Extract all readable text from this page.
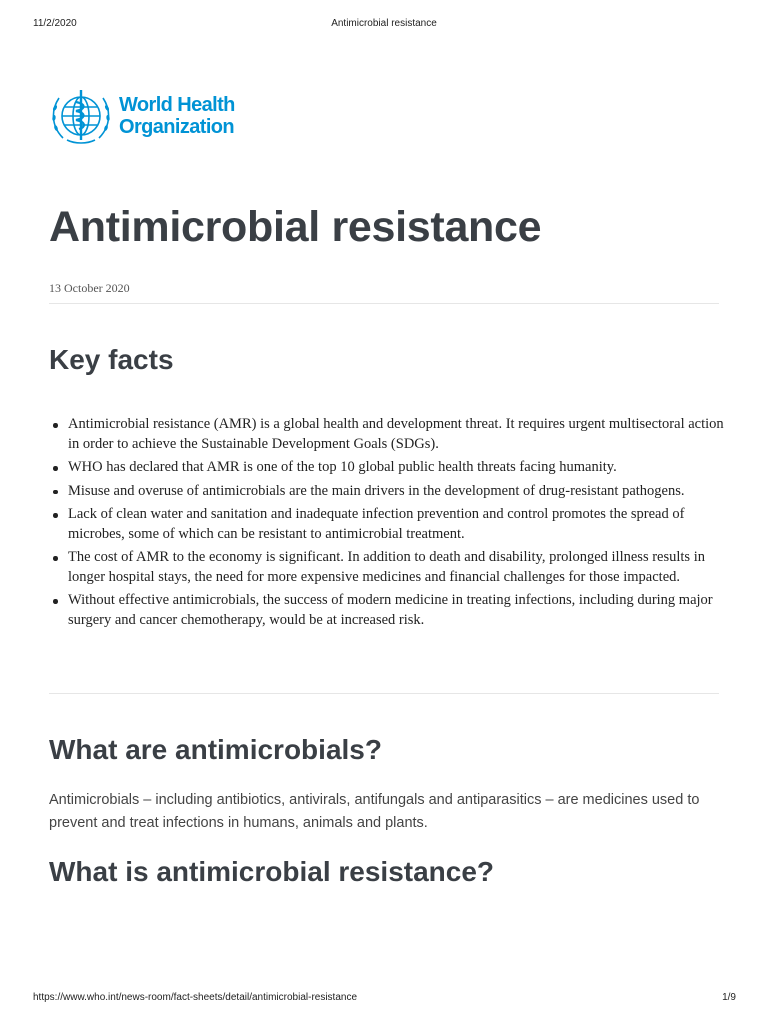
11/2/2020	Antimicrobial resistance
World Health
Organization
Antimicrobial resistance
13 October 2020
Key facts
Antimicrobial resistance (AMR) is a global health and development threat. It requires urgent multisectoral action in order to achieve the Sustainable Development Goals (SDGs).
WHO has declared that AMR is one of the top 10 global public health threats facing humanity.
Misuse and overuse of antimicrobials are the main drivers in the development of drug-resistant pathogens.
Lack of clean water and sanitation and inadequate infection prevention and control promotes the spread of microbes, some of which can be resistant to antimicrobial treatment.
The cost of AMR to the economy is significant. In addition to death and disability, prolonged illness results in longer hospital stays, the need for more expensive medicines and financial challenges for those impacted.
Without effective antimicrobials, the success of modern medicine in treating infections, including during major surgery and cancer chemotherapy, would be at increased risk.
What are antimicrobials?

Antimicrobials – including antibiotics, antivirals, antifungals and antiparasitics – are medicines used to prevent and treat infections in humans, animals and plants.

What is antimicrobial resistance?
https://www.who.int/news-room/fact-sheets/detail/antimicrobial-resistance	1/9
